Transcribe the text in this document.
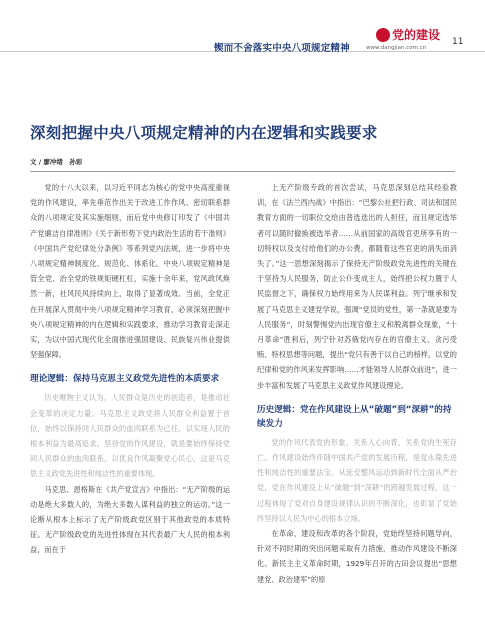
锲而不舍落实中央八项规定精神
党的建设
www.dangjian.com.cn
11
深刻把握中央八项规定精神的内在逻辑和实践要求
文 / 廖冲绪　孙彩

党的十八大以来，以习近平同志为核心的党中央高度重视党的作风建设，率先垂范作出关于改进工作作风、密切联系群众的八项规定及其实施细则，而后党中央修订印发了《中国共产党廉洁自律准则》《关于新形势下党内政治生活的若干准则》《中国共产党纪律处分条例》等系列党内法规，进一步将中央八项规定精神制度化、规范化、体系化。中央八项规定精神是管全党、治全党的铁规矩硬杠杠，实施十余年来，党风政风焕然一新，社风民风持续向上，取得了显著成效。当前，全党正在开展深入贯彻中央八项规定精神学习教育，必须深刻把握中央八项规定精神的内在逻辑和实践要求，推动学习教育走深走实，为以中国式现代化全面推进强国建设、民族复兴伟业提供坚强保障。

理论逻辑：保持马克思主义政党先进性的本质要求

历史唯物主义认为，人民群众是历史的创造者，是推动社会变革的决定力量。马克思主义政党将人民群众利益置于首位，始终以保持同人民群众的血肉联系为己任，以实现人民的根本利益为最高追求。坚持党的作风建设，就是要始终保持党同人民群众的血肉联系，以优良作风凝聚党心民心，这是马克思主义政党先进性和纯洁性的重要体现。

马克思、恩格斯在《共产党宣言》中指出：“无产阶级的运动是绝大多数人的，为绝大多数人谋利益的独立的运动。”这一论断从根本上标示了无产阶级政党区别于其他政党的本质特征。无产阶级政党的先进性体现在其代表最广大人民的根本利益，而在于

上无产阶级专政的首次尝试，马克思深刻总结其经验教训，在《法兰西内战》中指出：“巴黎公社把行政、司法和国民教育方面的一切职位交给由普选选出的人担任，而且规定选举者可以随时撤换被选举者……从前国家的高级官吏所享有的一切特权以及支付给他们的办公费，都随着这些官吏的消失而消失了。”这一思想深刻揭示了保持无产阶级政党先进性的关键在于坚持为人民服务，防止公仆变成主人，始终把公权力置于人民监督之下，确保权力始终用来为人民谋利益。列宁继承和发展了马克思主义建党学说，强调“党员的党性，第一条就是要为人民服务”，时刻警惕党内出现官僚主义和脱离群众现象，“十月革命”胜利后，列宁针对苏俄党内存在的官僚主义、贪污受贿、特权思想等问题，提出“党只有善于以自己的榜样，以党的纪律和党的作风来发挥影响……才能领导人民群众前进”，进一步丰富和发展了马克思主义政党作风建设理论。

历史逻辑：党在作风建设上从“破题”到“深耕”的持续发力

党的作风代表党的形象，关系人心向背，关系党的生死存亡。作风建设始终伴随中国共产党的发展历程，是党永葆先进性和纯洁性的重要法宝。从延安整风运动到新时代全面从严治党，党在作风建设上从“破题”到“深耕”的跨越发展过程，这一过程体现了党对自身建设规律认识的不断深化，也彰显了党始终坚持以人民为中心的根本立场。

在革命、建设和改革的各个阶段，党始终坚持问题导向，针对不同时期的突出问题采取有力措施，推动作风建设不断深化。新民主主义革命时期，1929年召开的古田会议提出“思想建党、政治建军”的原
